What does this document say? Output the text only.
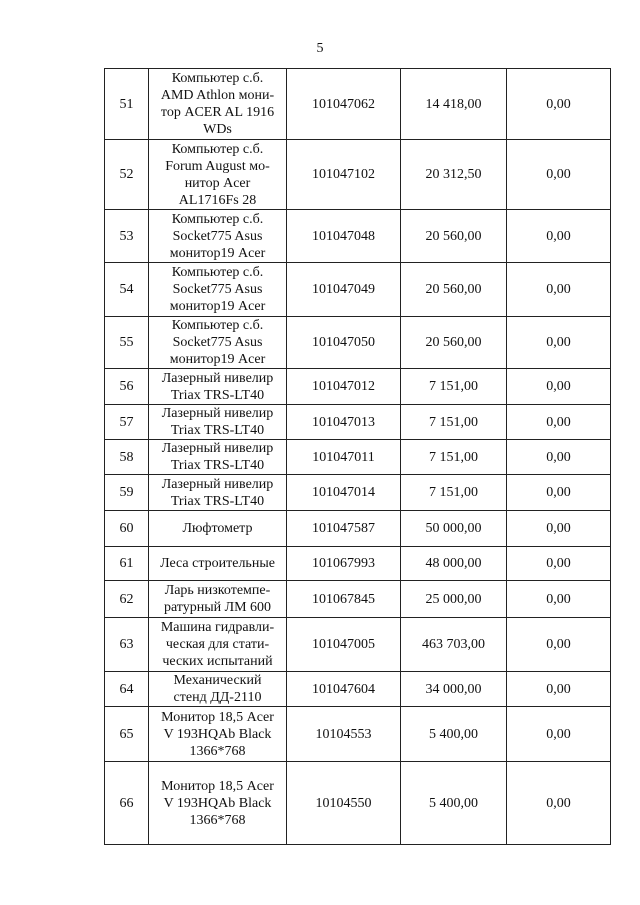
5
51	Компьютер с.б.
AMD Athlon мони-
тор ACER AL 1916
WDs	101047062	14 418,00	0,00
52	Компьютер с.б.
Forum August мо-
нитор Acer
AL1716Fs 28	101047102	20 312,50	0,00
53	Компьютер с.б.
Socket775 Asus
монитор19 Acer	101047048	20 560,00	0,00
54	Компьютер с.б.
Socket775 Asus
монитор19 Acer	101047049	20 560,00	0,00
55	Компьютер с.б.
Socket775 Asus
монитор19 Acer	101047050	20 560,00	0,00
56	Лазерный нивелир
Triax TRS-LT40	101047012	7 151,00	0,00
57	Лазерный нивелир
Triax TRS-LT40	101047013	7 151,00	0,00
58	Лазерный нивелир
Triax TRS-LT40	101047011	7 151,00	0,00
59	Лазерный нивелир
Triax TRS-LT40	101047014	7 151,00	0,00
60	Люфтометр	101047587	50 000,00	0,00
61	Леса строительные	101067993	48 000,00	0,00
62	Ларь низкотемпе-
ратурный ЛМ 600	101067845	25 000,00	0,00
63	Машина гидравли-
ческая для стати-
ческих испытаний	101047005	463 703,00	0,00
64	Механический
стенд ДД-2110	101047604	34 000,00	0,00
65	Монитор 18,5 Acer
V 193HQAb Black
1366*768	10104553	5 400,00	0,00
66	Монитор 18,5 Acer
V 193HQAb Black
1366*768	10104550	5 400,00	0,00
